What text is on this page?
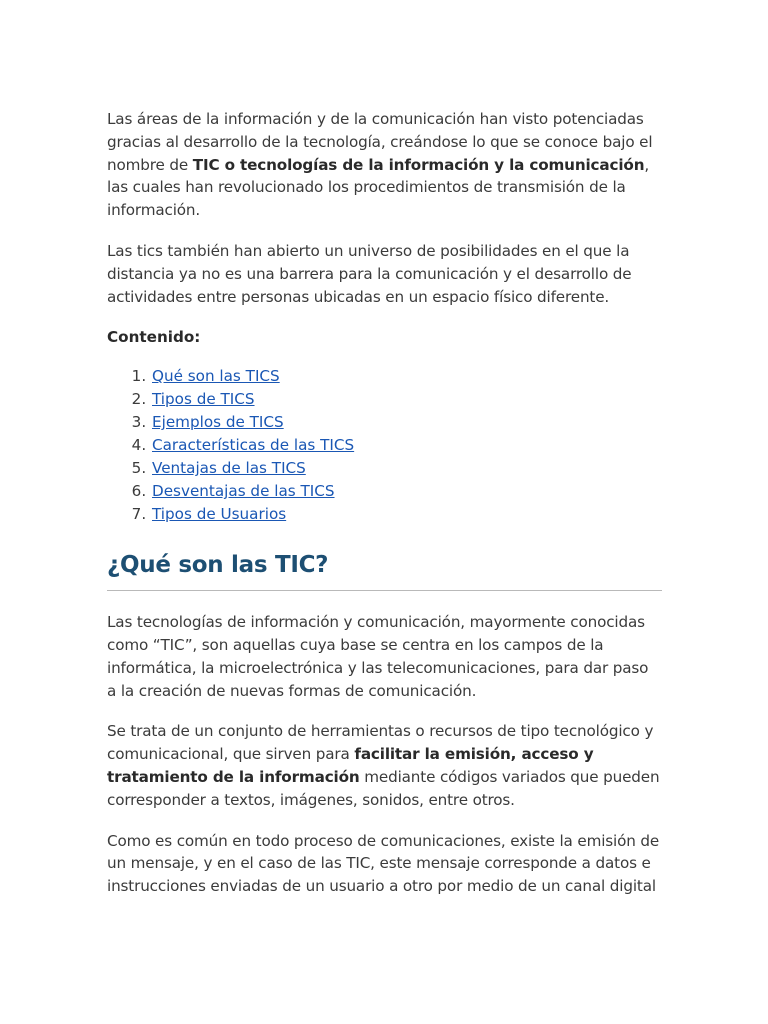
Las áreas de la información y de la comunicación han visto potenciadas gracias al desarrollo de la tecnología, creándose lo que se conoce bajo el nombre de TIC o tecnologías de la información y la comunicación, las cuales han revolucionado los procedimientos de transmisión de la información.

Las tics también han abierto un universo de posibilidades en el que la distancia ya no es una barrera para la comunicación y el desarrollo de actividades entre personas ubicadas en un espacio físico diferente.

Contenido:
1. Qué son las TICS
2. Tipos de TICS
3. Ejemplos de TICS
4. Características de las TICS
5. Ventajas de las TICS
6. Desventajas de las TICS
7. Tipos de Usuarios
¿Qué son las TIC?

Las tecnologías de información y comunicación, mayormente conocidas como “TIC”, son aquellas cuya base se centra en los campos de la informática, la microelectrónica y las telecomunicaciones, para dar paso a la creación de nuevas formas de comunicación.

Se trata de un conjunto de herramientas o recursos de tipo tecnológico y comunicacional, que sirven para facilitar la emisión, acceso y tratamiento de la información mediante códigos variados que pueden corresponder a textos, imágenes, sonidos, entre otros.

Como es común en todo proceso de comunicaciones, existe la emisión de un mensaje, y en el caso de las TIC, este mensaje corresponde a datos e instrucciones enviadas de un usuario a otro por medio de un canal digital
